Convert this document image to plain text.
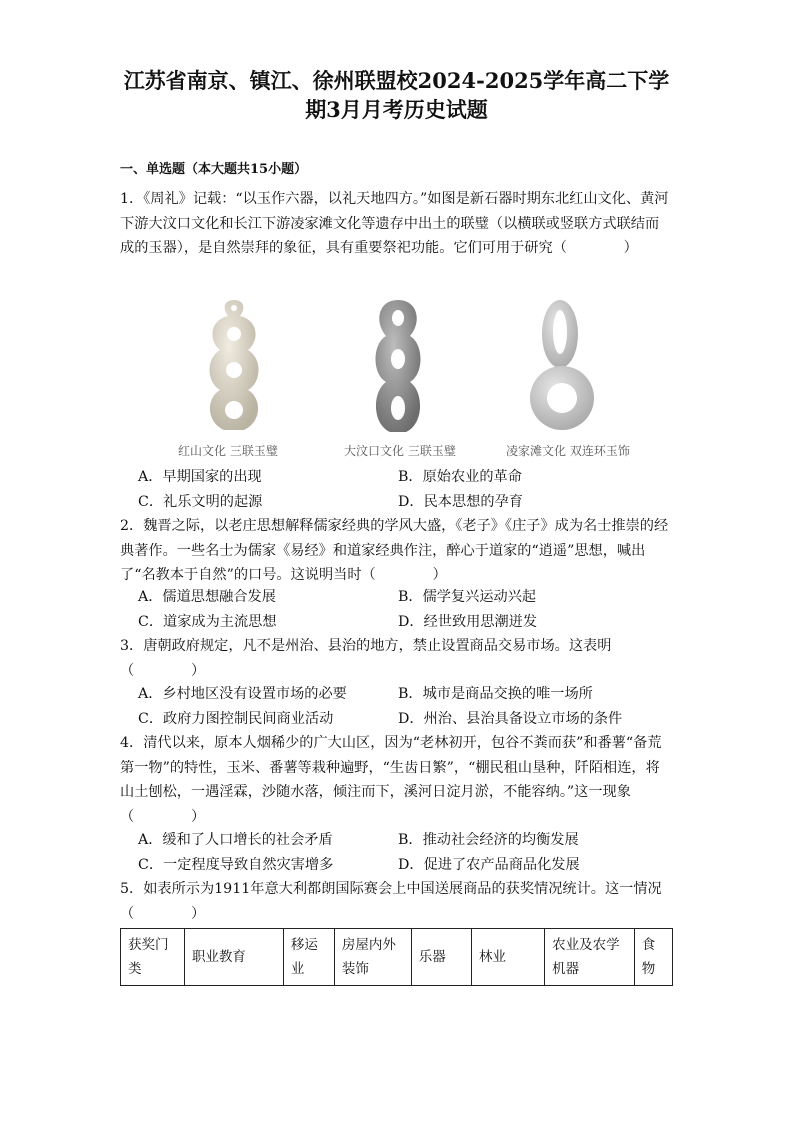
江苏省南京、镇江、徐州联盟校2024-2025学年高二下学
期3月月考历史试题
一、单选题（本大题共15小题）

1．《周礼》记载：“以玉作六器，以礼天地四方。”如图是新石器时期东北红山文化、黄河下游大汶口文化和长江下游凌家滩文化等遗存中出土的联璧（以横联或竖联方式联结而成的玉器），是自然崇拜的象征，具有重要祭祀功能。它们可用于研究（　　　　）

红山文化 三联玉璧	大汶口文化 三联玉璧	凌家滩文化 双连环玉饰
A．早期国家的出现	B．原始农业的革命
C．礼乐文明的起源	D．民本思想的孕育

2．魏晋之际，以老庄思想解释儒家经典的学风大盛，《老子》《庄子》成为名士推崇的经典著作。一些名士为儒家《易经》和道家经典作注，醉心于道家的“逍遥”思想，喊出了“名教本于自然”的口号。这说明当时（　　　　）

A．儒道思想融合发展	B．儒学复兴运动兴起
C．道家成为主流思想	D．经世致用思潮迸发

3．唐朝政府规定，凡不是州治、县治的地方，禁止设置商品交易市场。这表明（　　　　）

A．乡村地区没有设置市场的必要	B．城市是商品交换的唯一场所
C．政府力图控制民间商业活动	D．州治、县治具备设立市场的条件

4．清代以来，原本人烟稀少的广大山区，因为“老林初开，包谷不粪而获”和番薯“备荒第一物”的特性，玉米、番薯等栽种遍野，“生齿日繁”，“棚民租山垦种，阡陌相连，将山土刨松，一遇淫霖，沙随水落，倾注而下，溪河日淀月淤，不能容纳。”这一现象（　　　　）

A．缓和了人口增长的社会矛盾	B．推动社会经济的均衡发展
C．一定程度导致自然灾害增多	D．促进了农产品商品化发展

5．如表所示为1911年意大利都朗国际赛会上中国送展商品的获奖情况统计。这一情况（　　　　）

获奖门类	职业教育	移运业	房屋内外装饰	乐器	林业	农业及农学机器	食物
